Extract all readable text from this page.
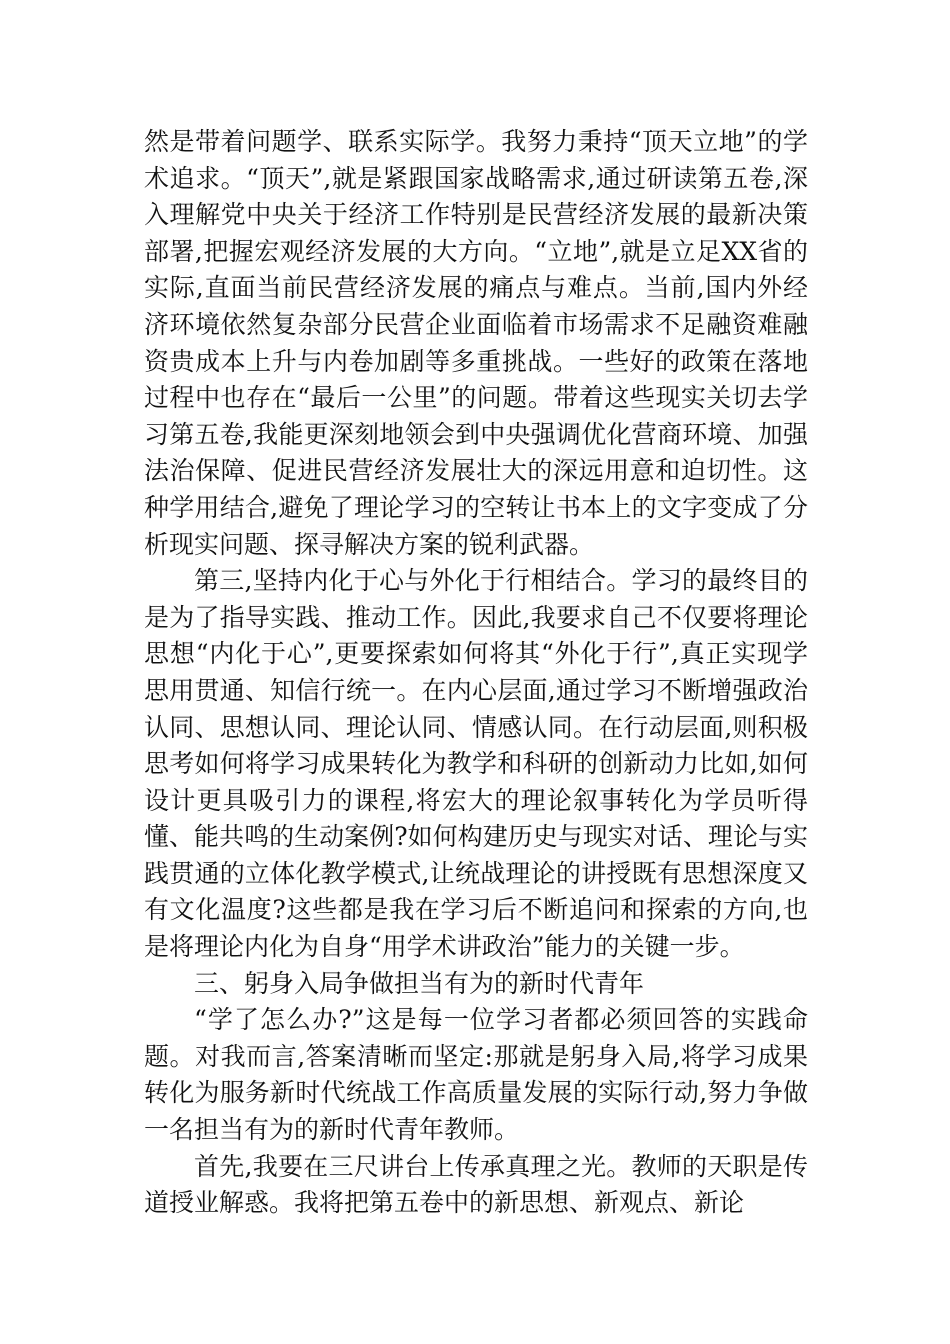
然是带着问题学、联系实际学。我努力秉持“顶天立地”的学术追求。“顶天”,就是紧跟国家战略需求,通过研读第五卷,深入理解党中央关于经济工作特别是民营经济发展的最新决策部署,把握宏观经济发展的大方向。“立地”,就是立足XX省的实际,直面当前民营经济发展的痛点与难点。当前,国内外经济环境依然复杂部分民营企业面临着市场需求不足融资难融资贵成本上升与内卷加剧等多重挑战。一些好的政策在落地过程中也存在“最后一公里”的问题。带着这些现实关切去学习第五卷,我能更深刻地领会到中央强调优化营商环境、加强法治保障、促进民营经济发展壮大的深远用意和迫切性。这种学用结合,避免了理论学习的空转让书本上的文字变成了分析现实问题、探寻解决方案的锐利武器。

第三,坚持内化于心与外化于行相结合。学习的最终目的是为了指导实践、推动工作。因此,我要求自己不仅要将理论思想“内化于心”,更要探索如何将其“外化于行”,真正实现学思用贯通、知信行统一。在内心层面,通过学习不断增强政治认同、思想认同、理论认同、情感认同。在行动层面,则积极思考如何将学习成果转化为教学和科研的创新动力比如,如何设计更具吸引力的课程,将宏大的理论叙事转化为学员听得懂、能共鸣的生动案例?如何构建历史与现实对话、理论与实践贯通的立体化教学模式,让统战理论的讲授既有思想深度又有文化温度?这些都是我在学习后不断追问和探索的方向,也是将理论内化为自身“用学术讲政治”能力的关键一步。

三、躬身入局争做担当有为的新时代青年

“学了怎么办?”这是每一位学习者都必须回答的实践命题。对我而言,答案清晰而坚定:那就是躬身入局,将学习成果转化为服务新时代统战工作高质量发展的实际行动,努力争做一名担当有为的新时代青年教师。

首先,我要在三尺讲台上传承真理之光。教师的天职是传道授业解惑。我将把第五卷中的新思想、新观点、新论
